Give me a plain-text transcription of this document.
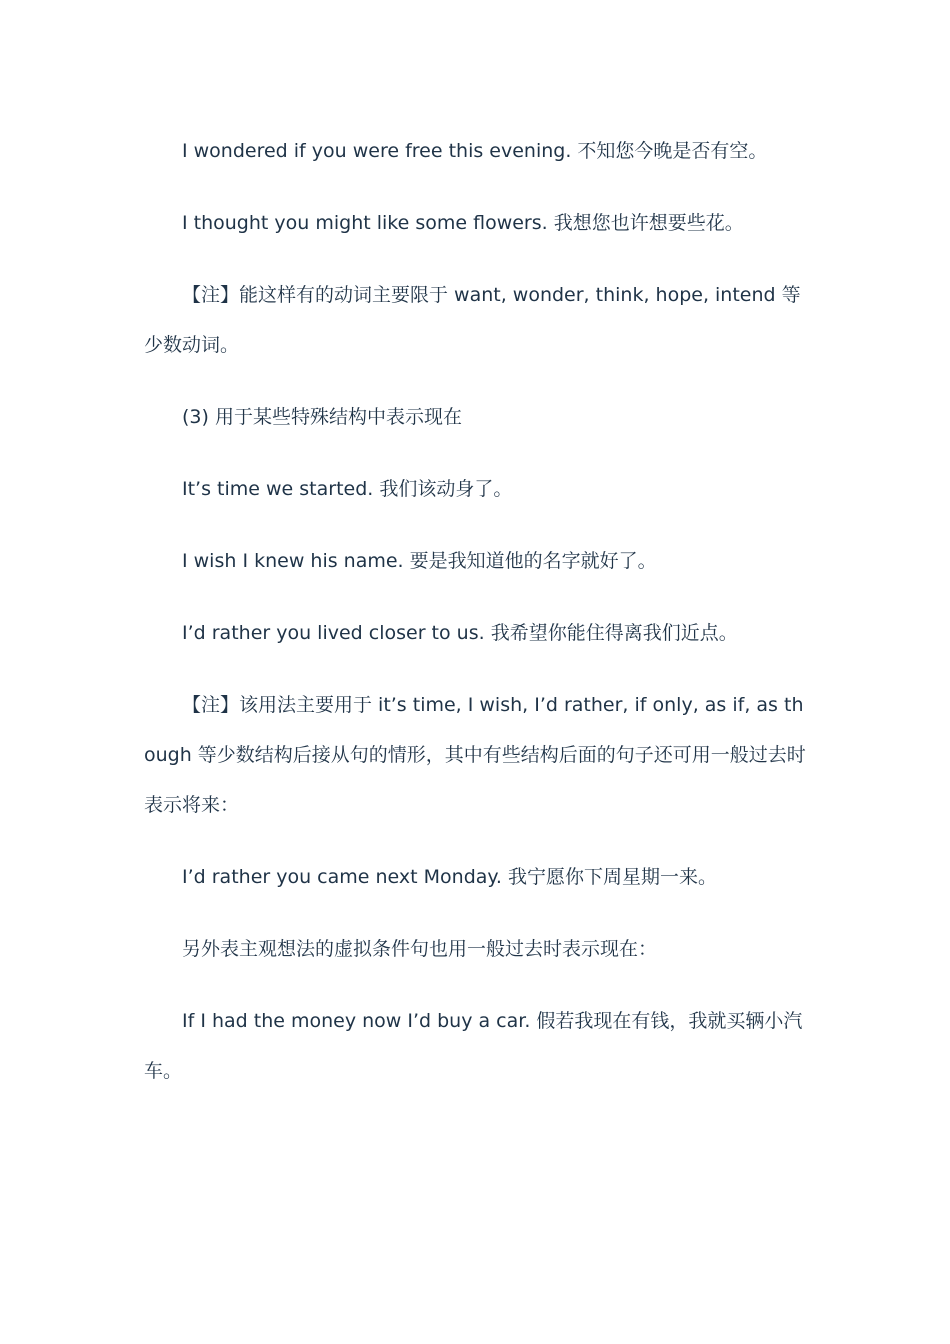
I wondered if you were free this evening. 不知您今晚是否有空。

I thought you might like some flowers. 我想您也许想要些花。

【注】能这样有的动词主要限于 want, wonder, think, hope, intend 等少数动词。

(3) 用于某些特殊结构中表示现在

It’s time we started. 我们该动身了。

I wish I knew his name. 要是我知道他的名字就好了。

I’d rather you lived closer to us. 我希望你能住得离我们近点。

【注】该用法主要用于 it’s time, I wish, I’d rather, if only, as if, as though 等少数结构后接从句的情形，其中有些结构后面的句子还可用一般过去时表示将来：

I’d rather you came next Monday. 我宁愿你下周星期一来。

另外表主观想法的虚拟条件句也用一般过去时表示现在：

If I had the money now I’d buy a car. 假若我现在有钱，我就买辆小汽车。
